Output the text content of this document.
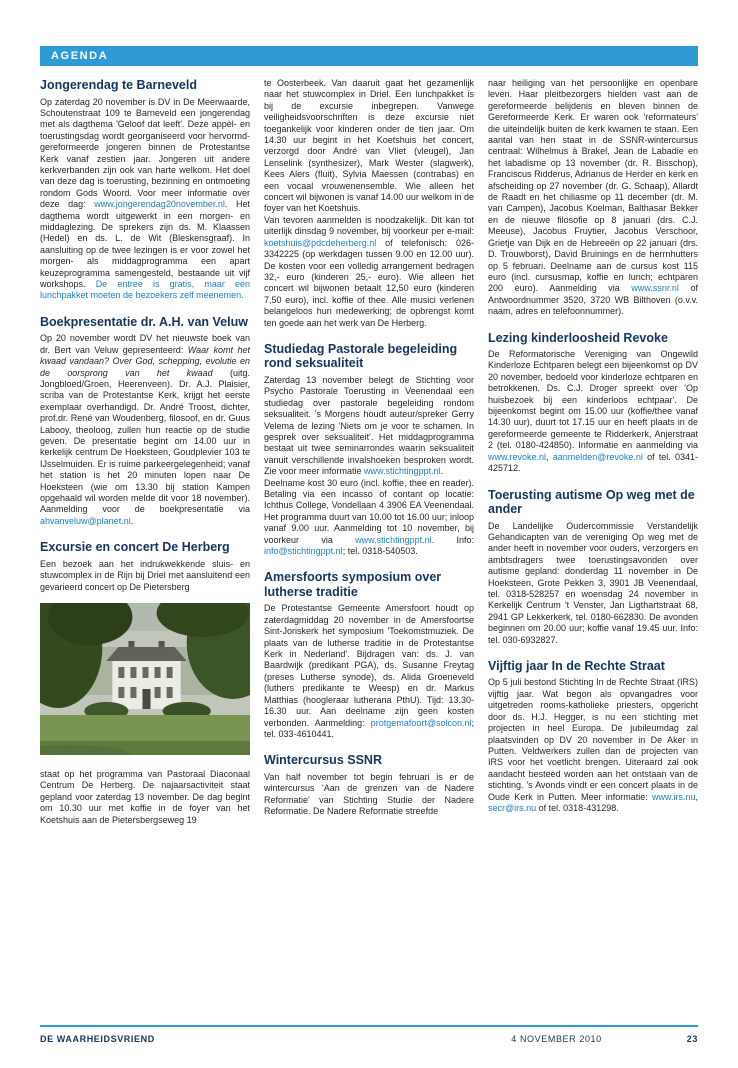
AGENDA
Jongerendag te Barneveld

Op zaterdag 20 november is DV in De Meerwaarde, Schoutenstraat 109 te Barneveld een jongerendag met als dagthema 'Geloof dat leeft'. Deze appèl- en toerustingsdag wordt georganiseerd voor hervormd-gereformeerde jongeren binnen de Protestantse Kerk vanaf zestien jaar. Jongeren uit andere kerkverbanden zijn ook van harte welkom. Het doel van deze dag is toerusting, bezinning en ontmoeting rondom Gods Woord. Voor meer informatie over deze dag: www.jongerendag20november.nl. Het dagthema wordt uitgewerkt in een morgen- en middaglezing. De sprekers zijn ds. M. Klaassen (Hedel) en ds. L. de Wit (Bleskensgraaf). In aansluiting op de twee lezingen is er voor zowel het morgen- als middagprogramma een apart keuzeprogramma samengesteld, bestaande uit vijf workshops. De entree is gratis, maar een lunchpakket moeten de bezoekers zelf meenemen.

Boekpresentatie dr. A.H. van Veluw

Op 20 november wordt DV het nieuwste boek van dr. Bert van Veluw gepresenteerd: Waar komt het kwaad vandaan? Over God, schepping, evolutie en de oorsprong van het kwaad (uitg. Jongbloed/Groen, Heerenveen). Dr. A.J. Plaisier, scriba van de Protestantse Kerk, krijgt het eerste exemplaar overhandigd. Dr. André Troost, dichter, prof.dr. René van Woudenberg, filosoof, en dr. Guus Labooy, theoloog, zullen hun reactie op de studie geven. De presentatie begint om 14.00 uur in kerkelijk centrum De Hoeksteen, Goudplevier 103 te IJsselmuiden. Er is ruime parkeergelegenheid; vanaf het station is het 20 minuten lopen naar De Hoeksteen (wie om 13.30 bij station Kampen opgehaald wil worden melde dit voor 18 november). Aanmelding voor de boekpresentatie via ahvanveluw@planet.nl.

Excursie en concert De Herberg

Een bezoek aan het indrukwekkende sluis- en stuwcomplex in de Rijn bij Driel met aansluitend een gevarieerd concert op De Pietersberg

staat op het programma van Pastoraal Diaconaal Centrum De Herberg. De najaarsactiviteit staat gepland voor zaterdag 13 november. De dag begint om 10.30 uur met koffie in de foyer van het Koetshuis aan de Pietersbergseweg 19

te Oosterbeek. Van daaruit gaat het gezamenlijk naar het stuwcomplex in Driel. Een lunchpakket is bij de excursie inbegrepen. Vanwege veiligheidsvoorschriften is deze excursie niet toegankelijk voor kinderen onder de tien jaar. Om 14.30 uur begint in het Koetshuis het concert, verzorgd door André van Vliet (vleugel), Jan Lenselink (synthesizer), Mark Wester (slagwerk), Kees Alers (fluit), Sylvia Maessen (contrabas) en een vocaal vrouwenensemble. Wie alleen het concert wil bijwonen is vanaf 14.00 uur welkom in de foyer van het Koetshuis.

Van tevoren aanmelden is noodzakelijk. Dit kan tot uiterlijk dinsdag 9 november, bij voorkeur per e-mail: koetshuis@pdcdeherberg.nl of telefonisch: 026-3342225 (op werkdagen tussen 9.00 en 12.00 uur). De kosten voor een volledig arrangement bedragen 32,- euro (kinderen 25,- euro). Wie alleen het concert wil bijwonen betaalt 12,50 euro (kinderen 7,50 euro), incl. koffie of thee. Alle musici verlenen belangeloos hun medewerking; de opbrengst komt ten goede aan het werk van De Herberg.

Studiedag Pastorale begeleiding rond seksualiteit

Zaterdag 13 november belegt de Stichting voor Psycho Pastorale Toerusting in Veenendaal een studiedag over pastorale begeleiding rondom seksualiteit. 's Morgens houdt auteur/spreker Gerry Velema de lezing 'Niets om je voor te schamen. In gesprek over seksualiteit'. Het middagprogramma bestaat uit twee seminarrondes waarin seksualiteit vanuit verschillende invalshoeken besproken wordt. Zie voor meer informatie www.stichtingppt.nl.

Deelname kost 30 euro (incl. koffie, thee en reader). Betaling via een incasso of contant op locatie: Ichthus College, Vondellaan 4 3906 EA Veenendaal. Het programma duurt van 10.00 tot 16.00 uur; inloop vanaf 9.00 uur. Aanmelding tot 10 november, bij voorkeur via www.stichtingppt.nl. Info: info@stichtingppt.nl; tel. 0318-540503.

Amersfoorts symposium over lutherse traditie

De Protestantse Gemeente Amersfoort houdt op zaterdagmiddag 20 november in de Amersfoortse Sint-Joriskerk het symposium 'Toekomstmuziek. De plaats van de lutherse traditie in de Protestantse Kerk in Nederland'. Bijdragen van: ds. J. van Baardwijk (predikant PGA), ds. Susanne Freytag (preses Lutherse synode), ds. Alida Groeneveld (luthers predikante te Weesp) en dr. Markus Matthias (hoogleraar lutherana PthU). Tijd: 13.30-16.30 uur. Aan deelname zijn geen kosten verbonden. Aanmelding: protgemafoort@solcon.nl; tel. 033-4610441.

Wintercursus SSNR

Van half november tot begin februari is er de wintercursus 'Aan de grenzen van de Nadere Reformatie' van Stichting Studie der Nadere Reformatie. De Nadere Reformatie streefde

naar heiliging van het persoonlijke en openbare leven. Haar pleitbezorgers hielden vast aan de gereformeerde belijdenis en bleven binnen de Gereformeerde Kerk. Er waren ook 'reformateurs' die uiteindelijk buiten de kerk kwamen te staan. Een aantal van hen staat in de SSNR-wintercursus centraal: Wilhelmus à Brakel, Jean de Labadie en het labadisme op 13 november (dr. R. Bisschop), Franciscus Ridderus, Adrianus de Herder en kerk en afscheiding op 27 november (dr. G. Schaap), Allardt de Raadt en het chiliasme op 11 december (dr. M. van Campen), Jacobus Koelman, Balthasar Bekker en de nieuwe filosofie op 8 januari (drs. C.J. Meeuse), Jacobus Fruytier, Jacobus Verschoor, Grietje van Dijk en de Hebreeën op 22 januari (drs. D. Trouwborst), David Bruinings en de herrnhutters op 5 februari. Deelname aan de cursus kost 115 euro (incl. cursusmap, koffie en lunch; echtparen 200 euro). Aanmelding via www.ssnr.nl of Antwoordnummer 3520, 3720 WB Bilthoven (o.v.v. naam, adres en telefoonnummer).

Lezing kinderloosheid Revoke

De Reformatorische Vereniging van Ongewild Kinderloze Echtparen belegt een bijeenkomst op DV 20 november, bedoeld voor kinderloze echtparen en betrokkenen. Ds. C.J. Droger spreekt over 'Op huisbezoek bij een kinderloos echtpaar'. De bijeenkomst begint om 15.00 uur (koffie/thee vanaf 14.30 uur), duurt tot 17.15 uur en heeft plaats in de gereformeerde gemeente te Ridderkerk, Anjerstraat 2 (tel. 0180-424850). Informatie en aanmelding via www.revoke.nl, aanmelden@revoke.nl of tel. 0341-425712.

Toerusting autisme Op weg met de ander

De Landelijke Oudercommissie Verstandelijk Gehandicapten van de vereniging Op weg met de ander heeft in november voor ouders, verzorgers en ambtsdragers twee toerustingsavonden over autisme gepland: donderdag 11 november in De Hoeksteen, Grote Pekken 3, 3901 JB Veenendaal, tel. 0318-528257 en woensdag 24 november in Kerkelijk Centrum 't Venster, Jan Ligthartstraat 68, 2941 GP Lekkerkerk, tel. 0180-662830. De avonden beginnen om 20.00 uur; koffie vanaf 19.45 uur. Info: tel. 030-6932827.

Vijftig jaar In de Rechte Straat

Op 5 juli bestond Stichting In de Rechte Straat (IRS) vijftig jaar. Wat begon als opvangadres voor uitgetreden rooms-katholieke priesters, opgericht door ds. H.J. Hegger, is nu een stichting met projecten in heel Europa. De jubileumdag zal plaatsvinden op DV 20 november in De Aker in Putten. Veldwerkers zullen dan de projecten van IRS voor het voetlicht brengen. Uiteraard zal ook aandacht besteed worden aan het ontstaan van de stichting. 's Avonds vindt er een concert plaats in de Oude Kerk in Putten. Meer informatie: www.irs.nu, secr@irs.nu of tel. 0318-431298.

DE WAARHEIDSVRIEND	4 NOVEMBER 2010	23
